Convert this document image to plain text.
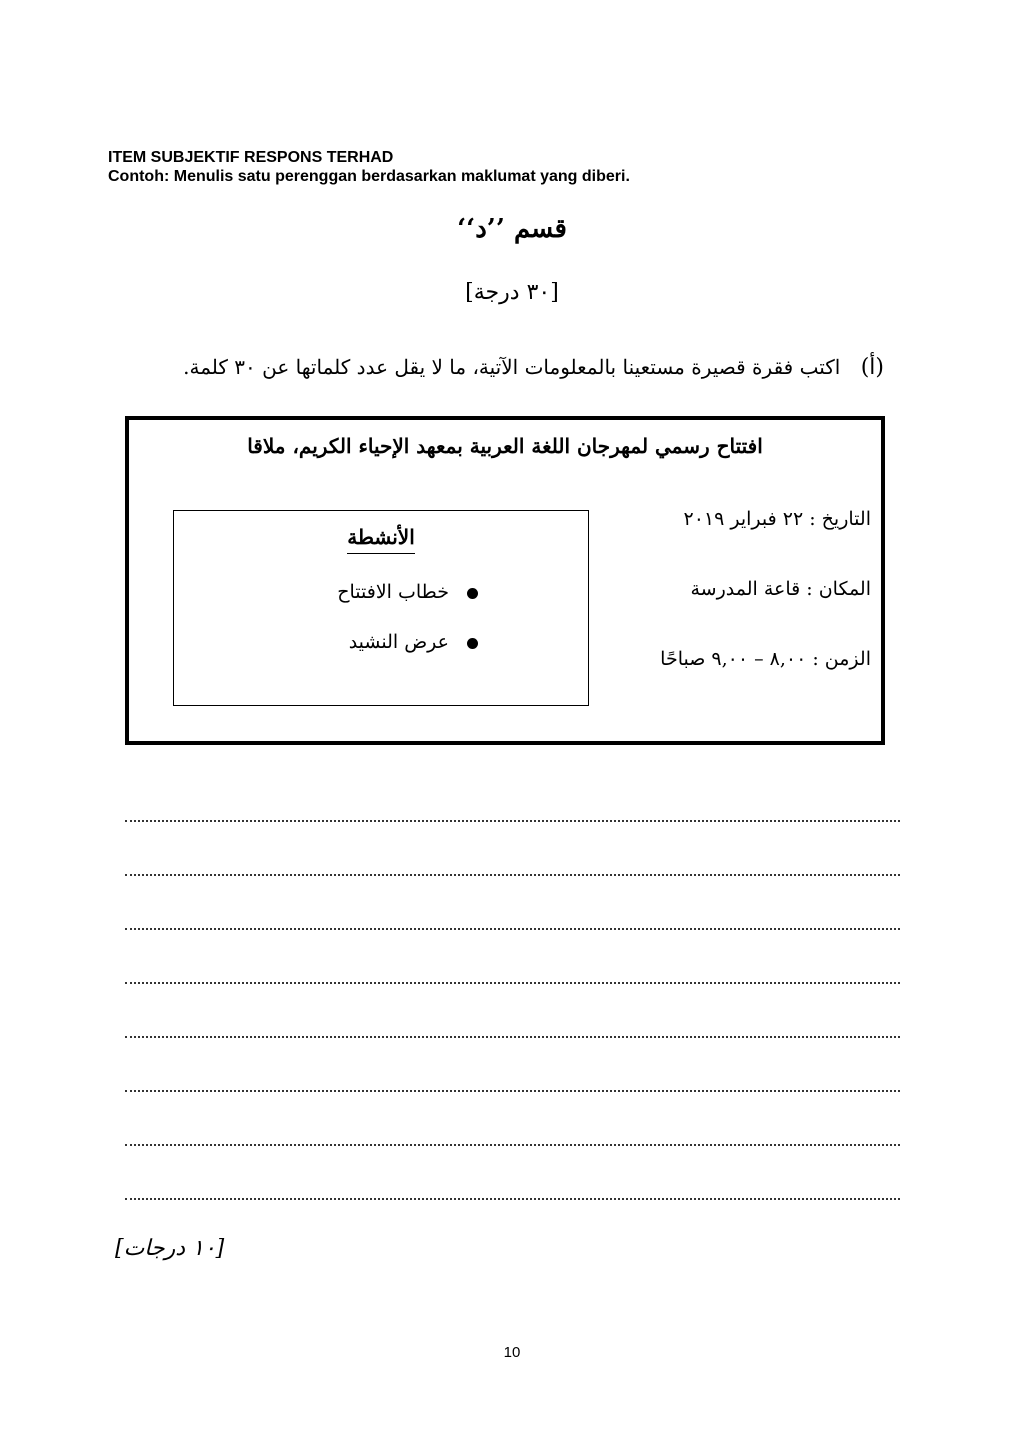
ITEM SUBJEKTIF RESPONS TERHAD
Contoh: Menulis satu perenggan berdasarkan maklumat yang diberi.
قسم ’’د‘‘
[٣٠ درجة]
(أ) اكتب فقرة قصيرة مستعينا بالمعلومات الآتية، ما لا يقل عدد كلماتها عن ٣٠ كلمة.
افتتاح رسمي لمهرجان اللغة العربية بمعهد الإحياء الكريم، ملاقا
التاريخ : ٢٢ فبراير ٢٠١٩
المكان : قاعة المدرسة
الزمن : ٨,٠٠ – ٩,٠٠ صباحًا
الأنشطة
خطاب الافتتاح
عرض النشيد
[١٠ درجات]
10
